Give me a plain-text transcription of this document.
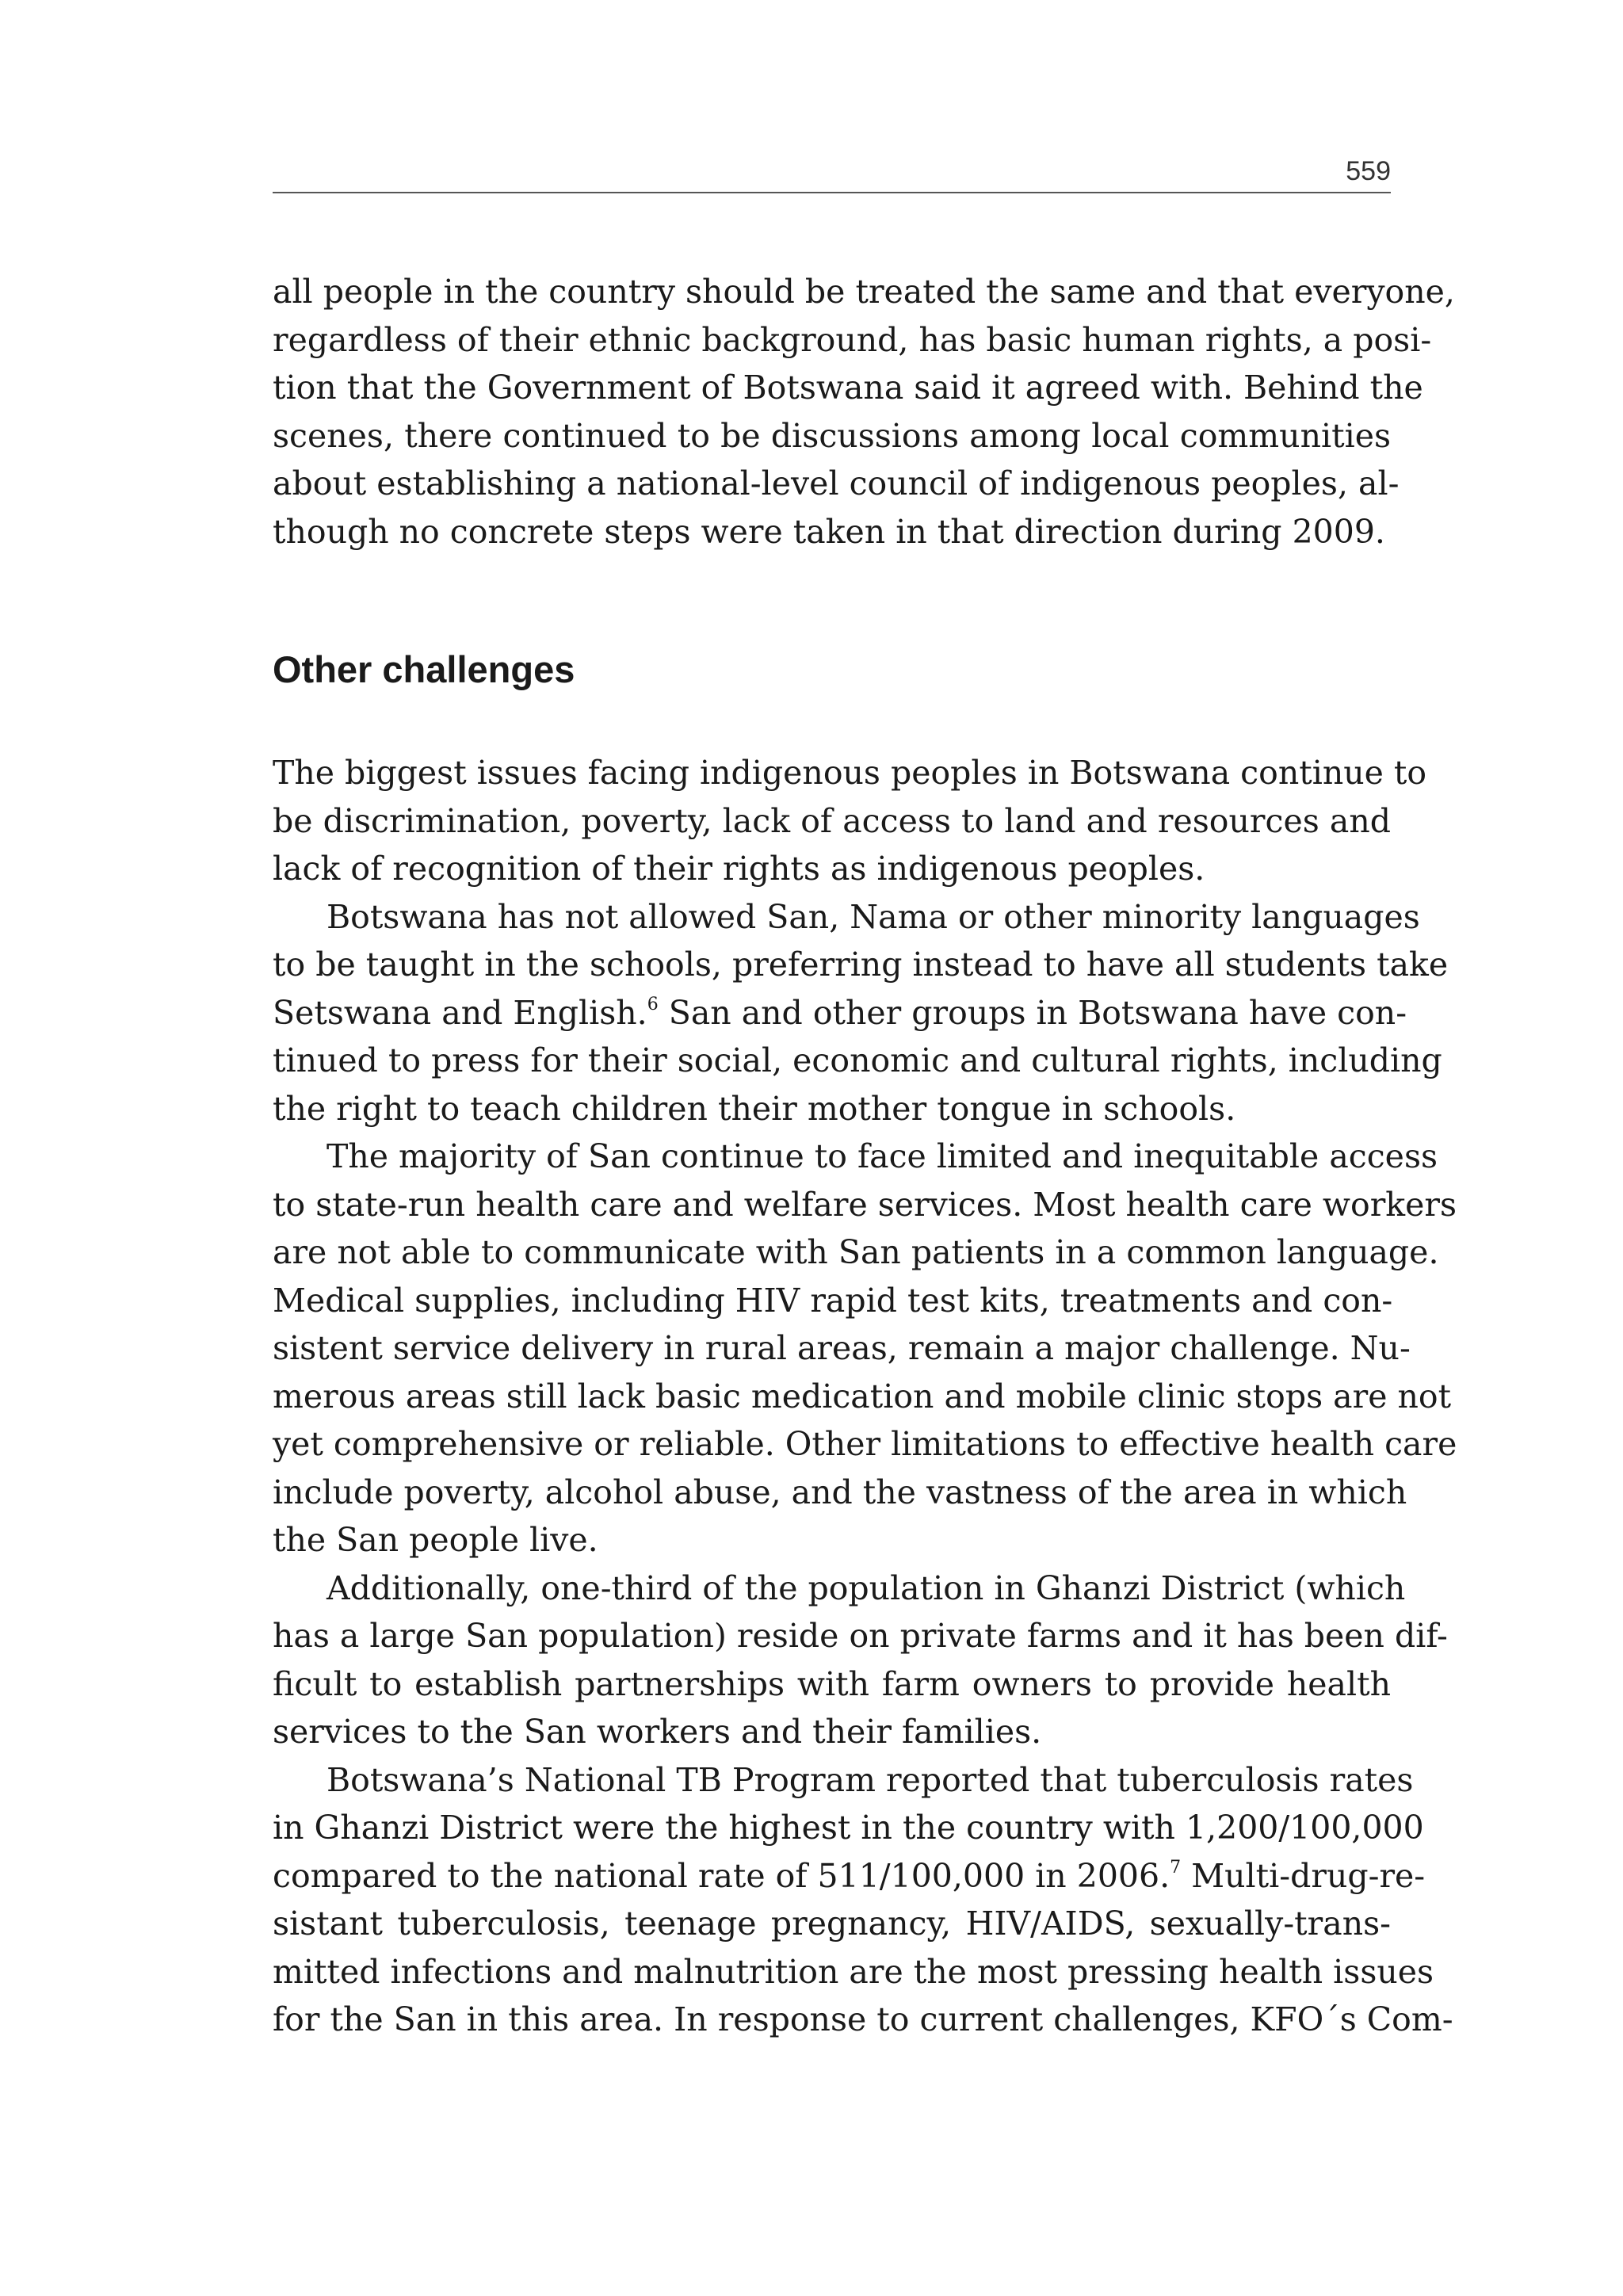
559
all people in the country should be treated the same and that everyone,
regardless of their ethnic background, has basic human rights, a posi-
tion that the Government of Botswana said it agreed with. Behind the
scenes, there continued to be discussions among local communities
about establishing a national-level council of indigenous peoples, al-
though no concrete steps were taken in that direction during 2009.
Other challenges
The biggest issues facing indigenous peoples in Botswana continue to
be discrimination, poverty, lack of access to land and resources and
lack of recognition of their rights as indigenous peoples.
Botswana has not allowed San, Nama or other minority languages
to be taught in the schools, preferring instead to have all students take
Setswana and English.$^6$ San and other groups in Botswana have con-
tinued to press for their social, economic and cultural rights, including
the right to teach children their mother tongue in schools.
The majority of San continue to face limited and inequitable access
to state-run health care and welfare services. Most health care workers
are not able to communicate with San patients in a common language.
Medical supplies, including HIV rapid test kits, treatments and con-
sistent service delivery in rural areas, remain a major challenge. Nu-
merous areas still lack basic medication and mobile clinic stops are not
yet comprehensive or reliable. Other limitations to effective health care
include poverty, alcohol abuse, and the vastness of the area in which
the San people live.
Additionally, one-third of the population in Ghanzi District (which
has a large San population) reside on private farms and it has been dif-
ficult to establish partnerships with farm owners to provide health
services to the San workers and their families.
Botswana’s National TB Program reported that tuberculosis rates
in Ghanzi District were the highest in the country with 1,200/100,000
compared to the national rate of 511/100,000 in 2006.$^7$ Multi-drug-re-
sistant tuberculosis, teenage pregnancy, HIV/AIDS, sexually-trans-
mitted infections and malnutrition are the most pressing health issues
for the San in this area. In response to current challenges, KFO´s Com-
